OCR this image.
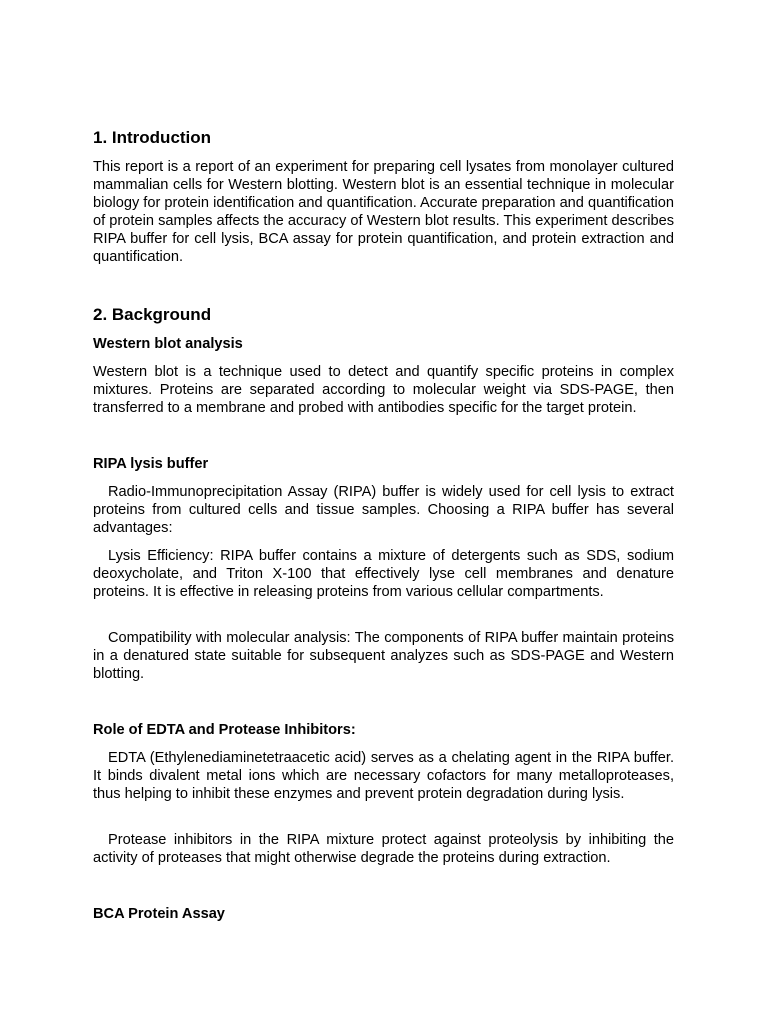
1. Introduction

This report is a report of an experiment for preparing cell lysates from monolayer cultured mammalian cells for Western blotting. Western blot is an essential technique in molecular biology for protein identification and quantification. Accurate preparation and quantification of protein samples affects the accuracy of Western blot results. This experiment describes RIPA buffer for cell lysis, BCA assay for protein quantification, and protein extraction and quantification.

2. Background
Western blot analysis

Western blot is a technique used to detect and quantify specific proteins in complex mixtures. Proteins are separated according to molecular weight via SDS-PAGE, then transferred to a membrane and probed with antibodies specific for the target protein.

RIPA lysis buffer

Radio-Immunoprecipitation Assay (RIPA) buffer is widely used for cell lysis to extract proteins from cultured cells and tissue samples. Choosing a RIPA buffer has several advantages:

Lysis Efficiency: RIPA buffer contains a mixture of detergents such as SDS, sodium deoxycholate, and Triton X-100 that effectively lyse cell membranes and denature proteins. It is effective in releasing proteins from various cellular compartments.

Compatibility with molecular analysis: The components of RIPA buffer maintain proteins in a denatured state suitable for subsequent analyzes such as SDS-PAGE and Western blotting.

Role of EDTA and Protease Inhibitors:

EDTA (Ethylenediaminetetraacetic acid) serves as a chelating agent in the RIPA buffer. It binds divalent metal ions which are necessary cofactors for many metalloproteases, thus helping to inhibit these enzymes and prevent protein degradation during lysis.

Protease inhibitors in the RIPA mixture protect against proteolysis by inhibiting the activity of proteases that might otherwise degrade the proteins during extraction.

BCA Protein Assay
